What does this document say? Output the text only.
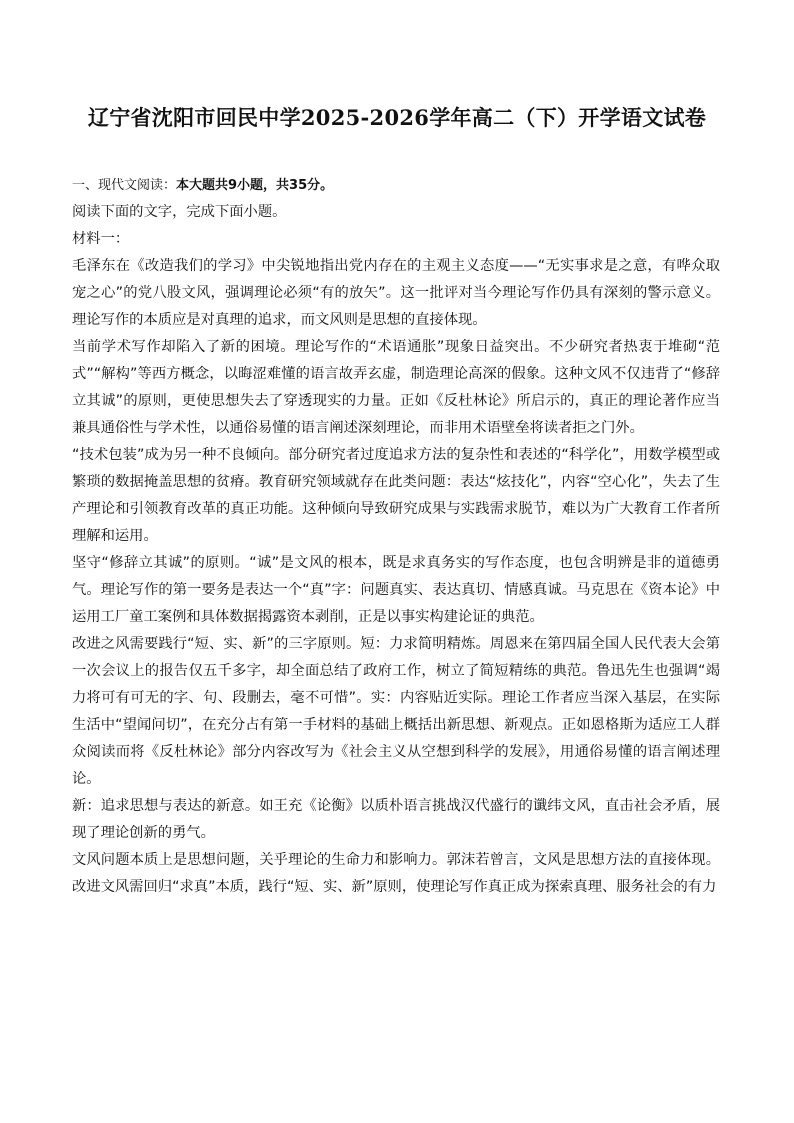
辽宁省沈阳市回民中学2025-2026学年高二（下）开学语文试卷

一、现代文阅读：本大题共9小题，共35分。

阅读下面的文字，完成下面小题。

材料一：

毛泽东在《改造我们的学习》中尖锐地指出党内存在的主观主义态度——“无实事求是之意，有哗众取宠之心”的党八股文风，强调理论必须“有的放矢”。这一批评对当今理论写作仍具有深刻的警示意义。理论写作的本质应是对真理的追求，而文风则是思想的直接体现。

当前学术写作却陷入了新的困境。理论写作的“术语通胀”现象日益突出。不少研究者热衷于堆砌“范式”“解构”等西方概念，以晦涩难懂的语言故弄玄虚，制造理论高深的假象。这种文风不仅违背了“修辞立其诚”的原则，更使思想失去了穿透现实的力量。正如《反杜林论》所启示的，真正的理论著作应当兼具通俗性与学术性，以通俗易懂的语言阐述深刻理论，而非用术语壁垒将读者拒之门外。

“技术包装”成为另一种不良倾向。部分研究者过度追求方法的复杂性和表述的“科学化”，用数学模型或繁琐的数据掩盖思想的贫瘠。教育研究领域就存在此类问题：表达“炫技化”，内容“空心化”，失去了生产理论和引领教育改革的真正功能。这种倾向导致研究成果与实践需求脱节，难以为广大教育工作者所理解和运用。

坚守“修辞立其诚”的原则。“诚”是文风的根本，既是求真务实的写作态度，也包含明辨是非的道德勇气。理论写作的第一要务是表达一个“真”字：问题真实、表达真切、情感真诚。马克思在《资本论》中运用工厂童工案例和具体数据揭露资本剥削，正是以事实构建论证的典范。

改进之风需要践行“短、实、新”的三字原则。短：力求简明精炼。周恩来在第四届全国人民代表大会第一次会议上的报告仅五千多字，却全面总结了政府工作，树立了简短精练的典范。鲁迅先生也强调“竭力将可有可无的字、句、段删去，毫不可惜”。实：内容贴近实际。理论工作者应当深入基层，在实际生活中“望闻问切”，在充分占有第一手材料的基础上概括出新思想、新观点。正如恩格斯为适应工人群众阅读而将《反杜林论》部分内容改写为《社会主义从空想到科学的发展》，用通俗易懂的语言阐述理论。

新：追求思想与表达的新意。如王充《论衡》以质朴语言挑战汉代盛行的谶纬文风，直击社会矛盾，展现了理论创新的勇气。

文风问题本质上是思想问题，关乎理论的生命力和影响力。郭沫若曾言，文风是思想方法的直接体现。改进文风需回归“求真”本质，践行“短、实、新”原则，使理论写作真正成为探索真理、服务社会的有力
